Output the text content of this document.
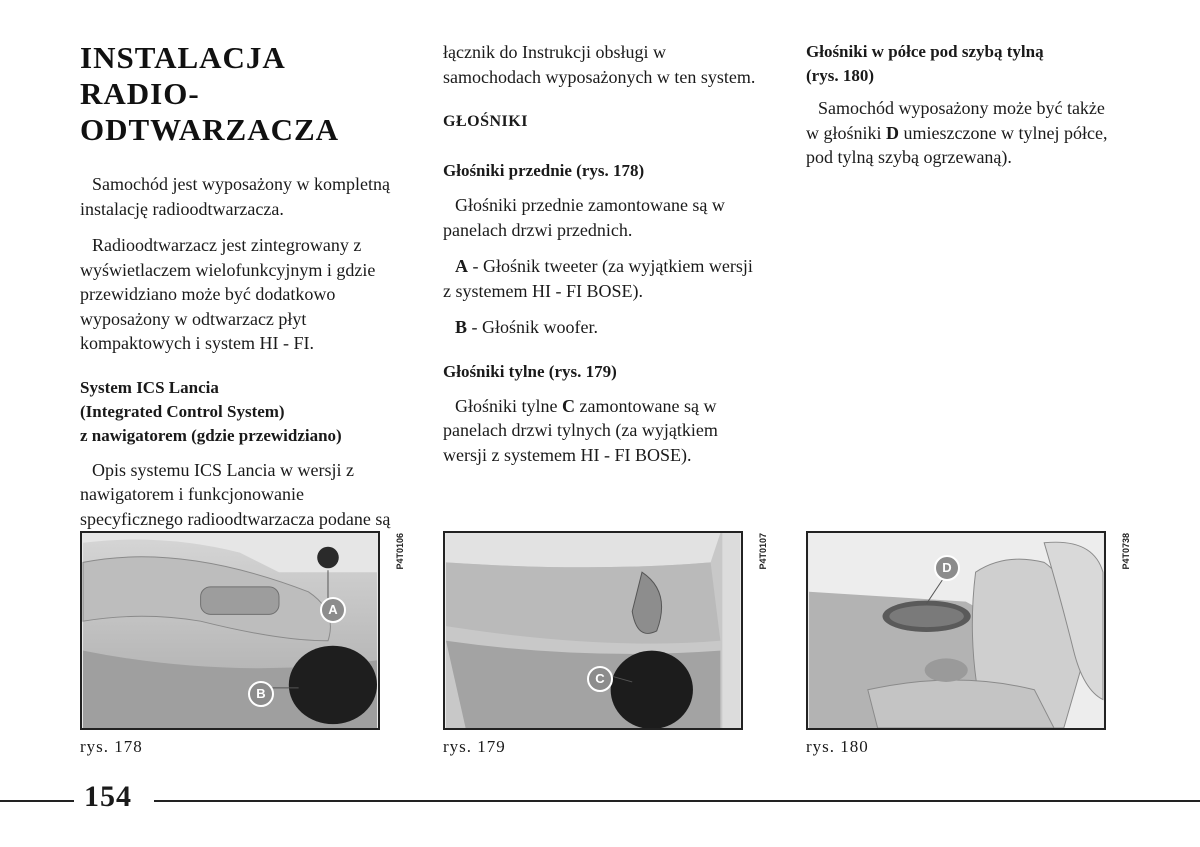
INSTALACJA RADIO-
ODTWARZACZA

Samochód jest wyposażony w kompletną instalację radioodtwarzacza.

Radioodtwarzacz jest zintegrowany z wyświetlaczem wielofunkcyjnym i gdzie przewidziano może być dodatkowo wyposażony w odtwarzacz płyt kompaktowych i system HI - FI.

System ICS Lancia
(Integrated Control System)
z nawigatorem (gdzie przewidziano)

Opis systemu ICS Lancia w wersji z nawigatorem i funkcjonowanie specyficznego radioodtwarzacza podane są

łącznik do Instrukcji obsługi w samochodach wyposażonych w ten system.

GŁOŚNIKI
Głośniki przednie (rys. 178)

Głośniki przednie zamontowane są w panelach drzwi przednich.

A - Głośnik tweeter (za wyjątkiem wersji z systemem HI - FI BOSE).

B - Głośnik woofer.

Głośniki tylne (rys. 179)

Głośniki tylne C zamontowane są w panelach drzwi tylnych (za wyjątkiem wersji z systemem HI - FI BOSE).

Głośniki w półce pod szybą tylną
(rys. 180)

Samochód wyposażony może być także w głośniki D umieszczone w tylnej półce, pod tylną szybą ogrzewaną).

A
B
P4T0106
rys. 178
C
P4T0107
rys. 179
D	P4T0738
rys. 180
154
